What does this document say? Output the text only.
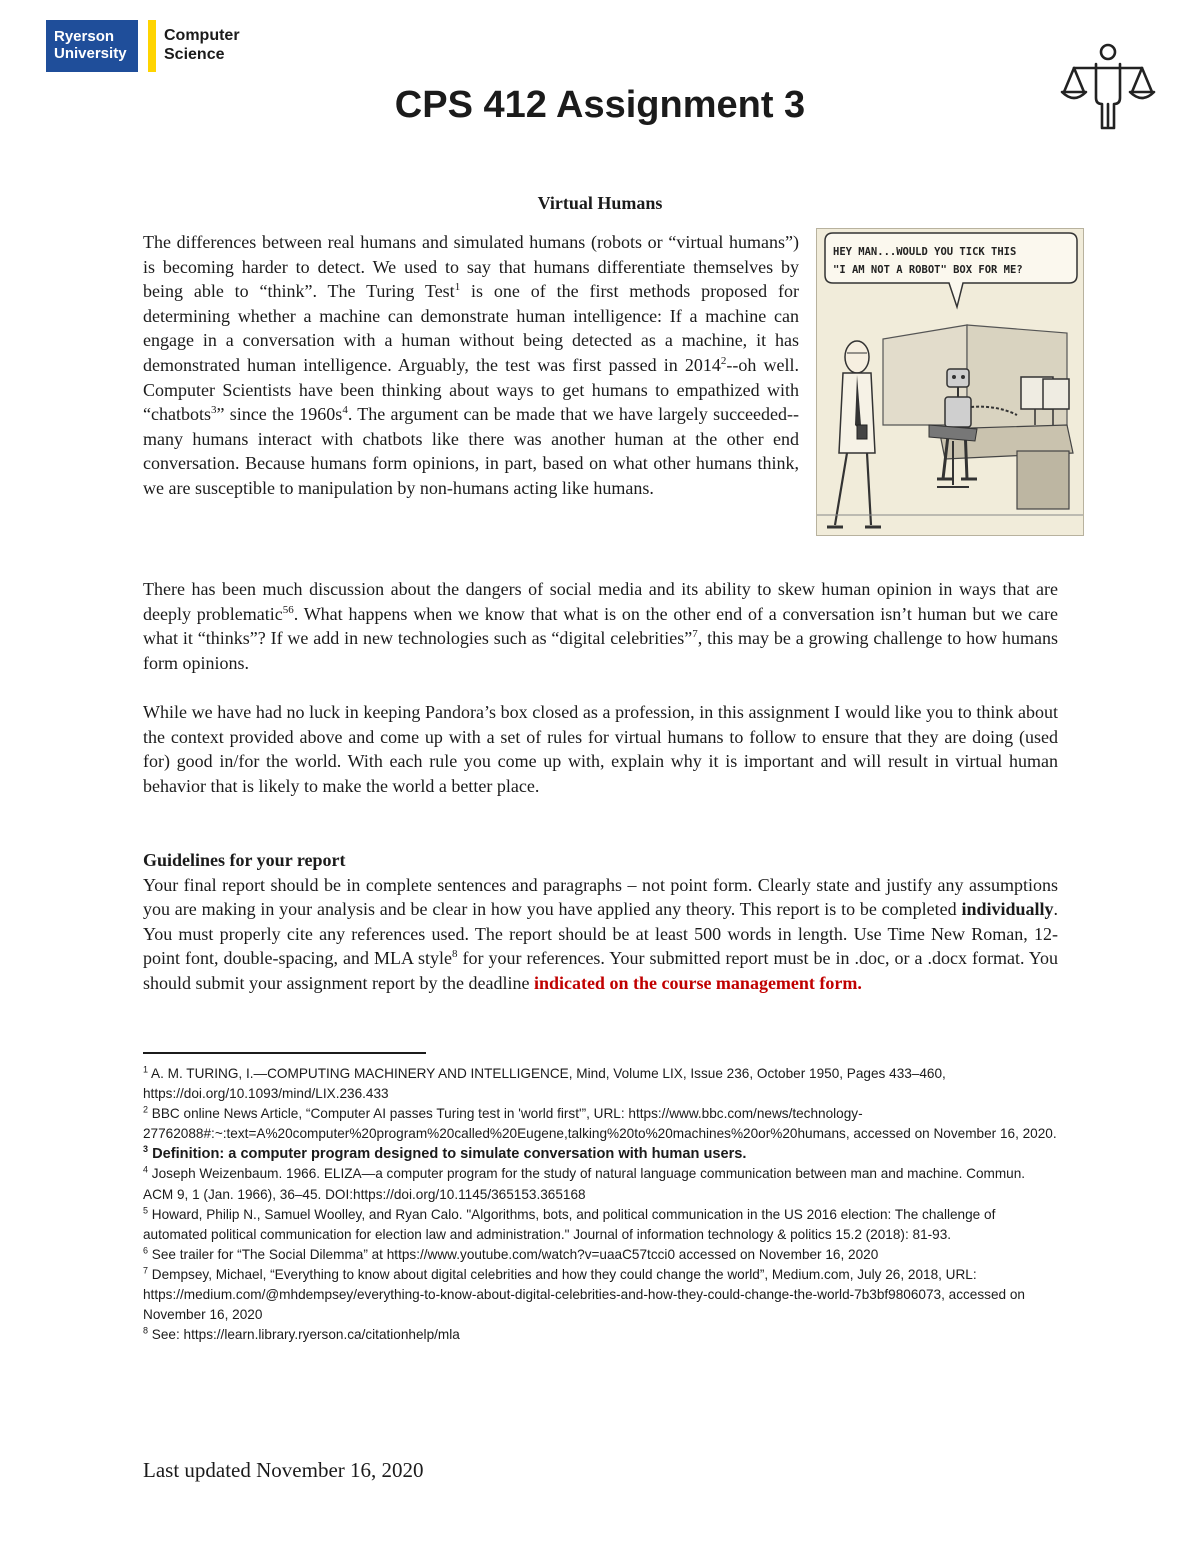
Ryerson
University
Computer
Science
CPS 412 Assignment 3
Virtual Humans

The differences between real humans and simulated humans (robots or “virtual humans”) is becoming harder to detect. We used to say that humans differentiate themselves by being able to “think”. The Turing Test$^1$ is one of the first methods proposed for determining whether a machine can demonstrate human intelligence: If a machine can engage in a conversation with a human without being detected as a machine, it has demonstrated human intelligence. Arguably, the test was first passed in 2014$^2$--oh well. Computer Scientists have been thinking about ways to get humans to empathized with “chatbots$^3$” since the $1960s^4$. The argument can be made that we have largely succeeded--many humans interact with chatbots like there was another human at the other end conversation. Because humans form opinions, in part, based on what other humans think, we are susceptible to manipulation by non-humans acting like humans.

HEY MAN...WOULD YOU TICK THIS
"I AM NOT A ROBOT" BOX FOR ME?

There has been much discussion about the dangers of social media and its ability to skew human opinion in ways that are deeply problematic$^{56}$. What happens when we know that what is on the other end of a conversation isn’t human but we care what it “thinks”? If we add in new technologies such as “digital celebrities”$^7$, this may be a growing challenge to how humans form opinions.

While we have had no luck in keeping Pandora’s box closed as a profession, in this assignment I would like you to think about the context provided above and come up with a set of rules for virtual humans to follow to ensure that they are doing (used for) good in/for the world. With each rule you come up with, explain why it is important and will result in virtual human behavior that is likely to make the world a better place.

Guidelines for your report

Your final report should be in complete sentences and paragraphs – not point form. Clearly state and justify any assumptions you are making in your analysis and be clear in how you have applied any theory. This report is to be completed individually. You must properly cite any references used. The report should be at least 500 words in length. Use Time New Roman, 12-point font, double-spacing, and MLA style$^8$ for your references. Your submitted report must be in .doc, or a .docx format. You should submit your assignment report by the deadline indicated on the course management form.

$^1$ A. M. TURING, I.—COMPUTING MACHINERY AND INTELLIGENCE, Mind, Volume LIX, Issue 236, October 1950, Pages 433–460, https://doi.org/10.1093/mind/LIX.236.433

$^2$ BBC online News Article, “Computer AI passes Turing test in 'world first'”, URL: https://www.bbc.com/news/technology-27762088#:~:text=A%20computer%20program%20called%20Eugene,talking%20to%20machines%20or%20humans, accessed on November 16, 2020.

$^3$ Definition: a computer program designed to simulate conversation with human users.

$^4$ Joseph Weizenbaum. 1966. ELIZA—a computer program for the study of natural language communication between man and machine. Commun. ACM 9, 1 (Jan. 1966), 36–45. DOI:https://doi.org/10.1145/365153.365168

$^5$ Howard, Philip N., Samuel Woolley, and Ryan Calo. "Algorithms, bots, and political communication in the US 2016 election: The challenge of automated political communication for election law and administration." Journal of information technology & politics 15.2 (2018): 81-93.

$^6$ See trailer for “The Social Dilemma” at https://www.youtube.com/watch?v=uaaC57tcci0 accessed on November 16, 2020

$^7$ Dempsey, Michael, “Everything to know about digital celebrities and how they could change the world”, Medium.com, July 26, 2018, URL: https://medium.com/@mhdempsey/everything-to-know-about-digital-celebrities-and-how-they-could-change-the-world-7b3bf9806073, accessed on November 16, 2020

$^8$ See: https://learn.library.ryerson.ca/citationhelp/mla

Last updated November 16, 2020
